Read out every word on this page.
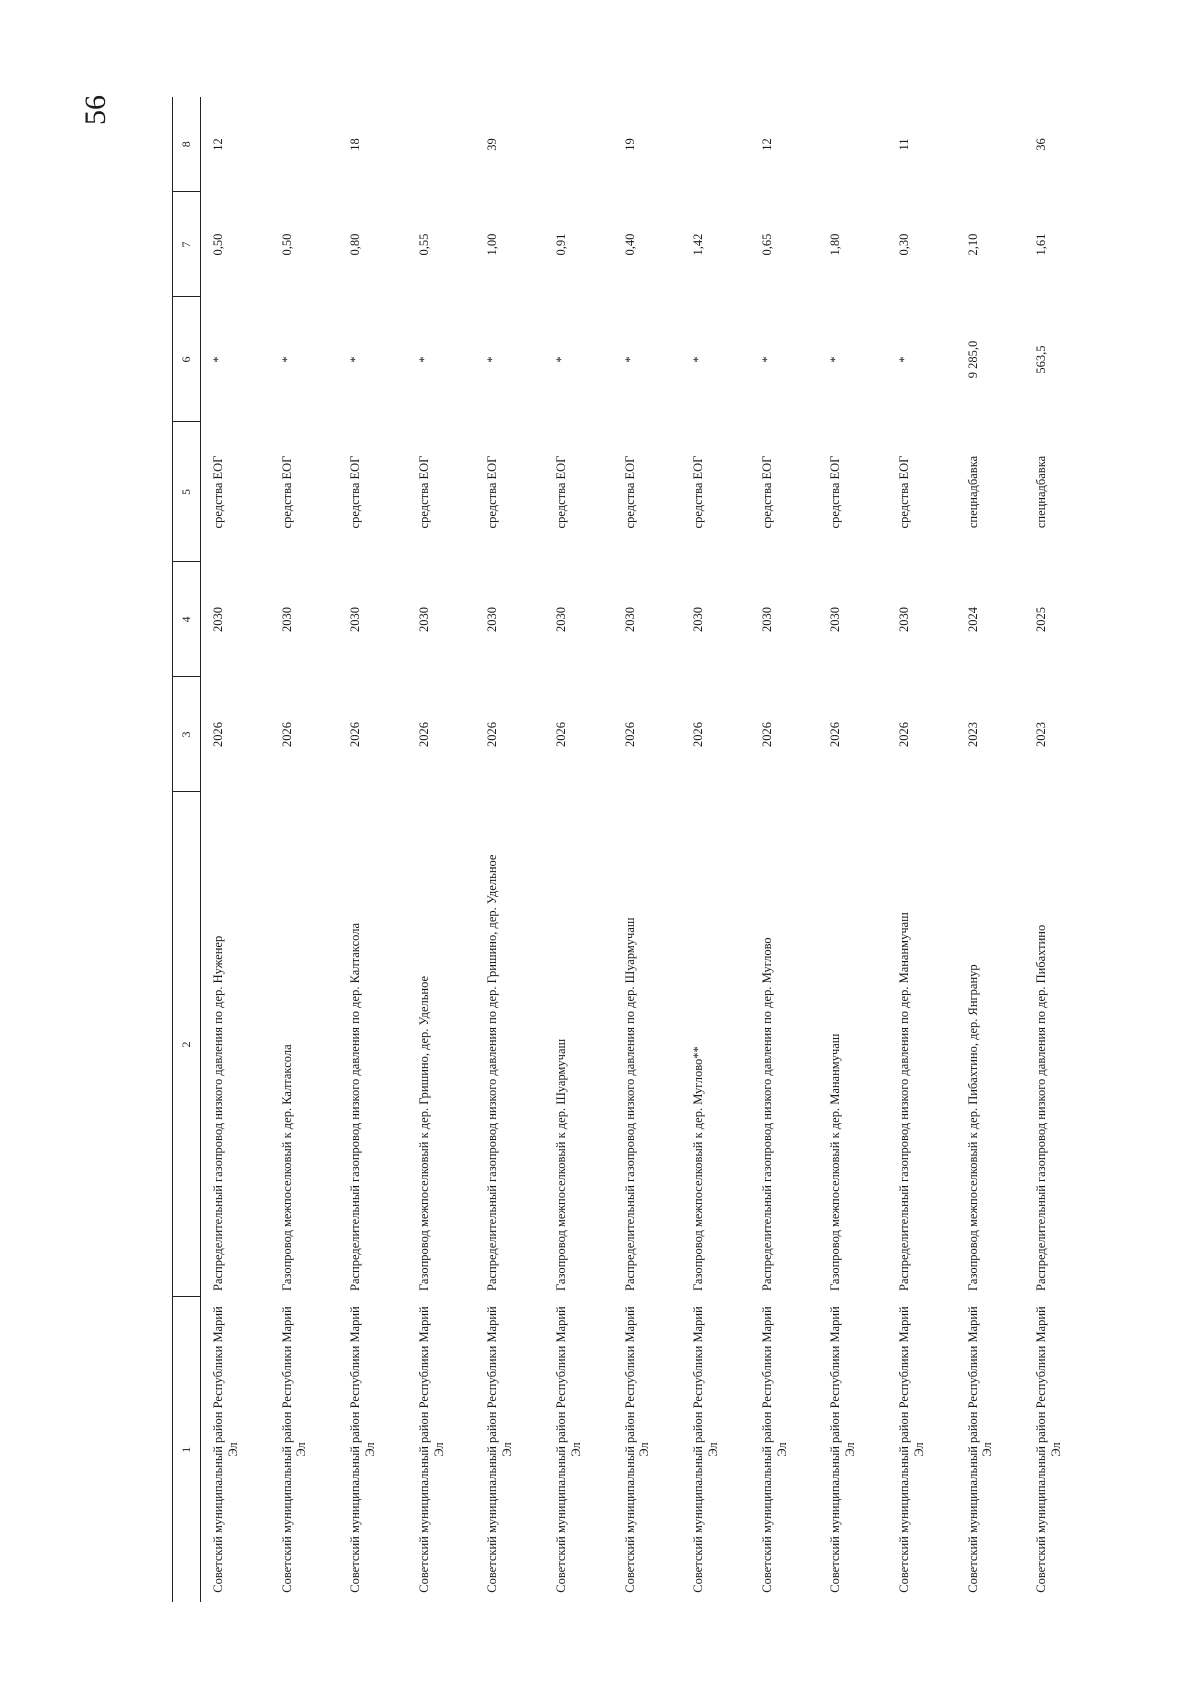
56
1	2	3	4	5	6	7	8
Советский муниципальный район Республики Марий Эл	Распределительный газопровод низкого давления по дер. Нуженер	2026	2030	средства ЕОГ	*	0,50	12
Советский муниципальный район Республики Марий Эл	Газопровод межпоселковый к дер. Калтаксола	2026	2030	средства ЕОГ	*	0,50	
Советский муниципальный район Республики Марий Эл	Распределительный газопровод низкого давления по дер. Калтаксола	2026	2030	средства ЕОГ	*	0,80	18
Советский муниципальный район Республики Марий Эл	Газопровод межпоселковый к дер. Гришино, дер. Удельное	2026	2030	средства ЕОГ	*	0,55	
Советский муниципальный район Республики Марий Эл	Распределительный газопровод низкого давления по дер. Гришино, дер. Удельное	2026	2030	средства ЕОГ	*	1,00	39
Советский муниципальный район Республики Марий Эл	Газопровод межпоселковый к дер. Шуармучаш	2026	2030	средства ЕОГ	*	0,91	
Советский муниципальный район Республики Марий Эл	Распределительный газопровод низкого давления по дер. Шуармучаш	2026	2030	средства ЕОГ	*	0,40	19
Советский муниципальный район Республики Марий Эл	Газопровод межпоселковый к дер. Муглово**	2026	2030	средства ЕОГ	*	1,42	
Советский муниципальный район Республики Марий Эл	Распределительный газопровод низкого давления по дер. Муглово	2026	2030	средства ЕОГ	*	0,65	12
Советский муниципальный район Республики Марий Эл	Газопровод межпоселковый к дер. Мананмучаш	2026	2030	средства ЕОГ	*	1,80	
Советский муниципальный район Республики Марий Эл	Распределительный газопровод низкого давления по дер. Мананмучаш	2026	2030	средства ЕОГ	*	0,30	11
Советский муниципальный район Республики Марий Эл	Газопровод межпоселковый к дер. Пибахтино, дер. Янгранур	2023	2024	спецнадбавка	9 285,0	2,10	
Советский муниципальный район Республики Марий Эл	Распределительный газопровод низкого давления по дер. Пибахтино	2023	2025	спецнадбавка	563,5	1,61	36
